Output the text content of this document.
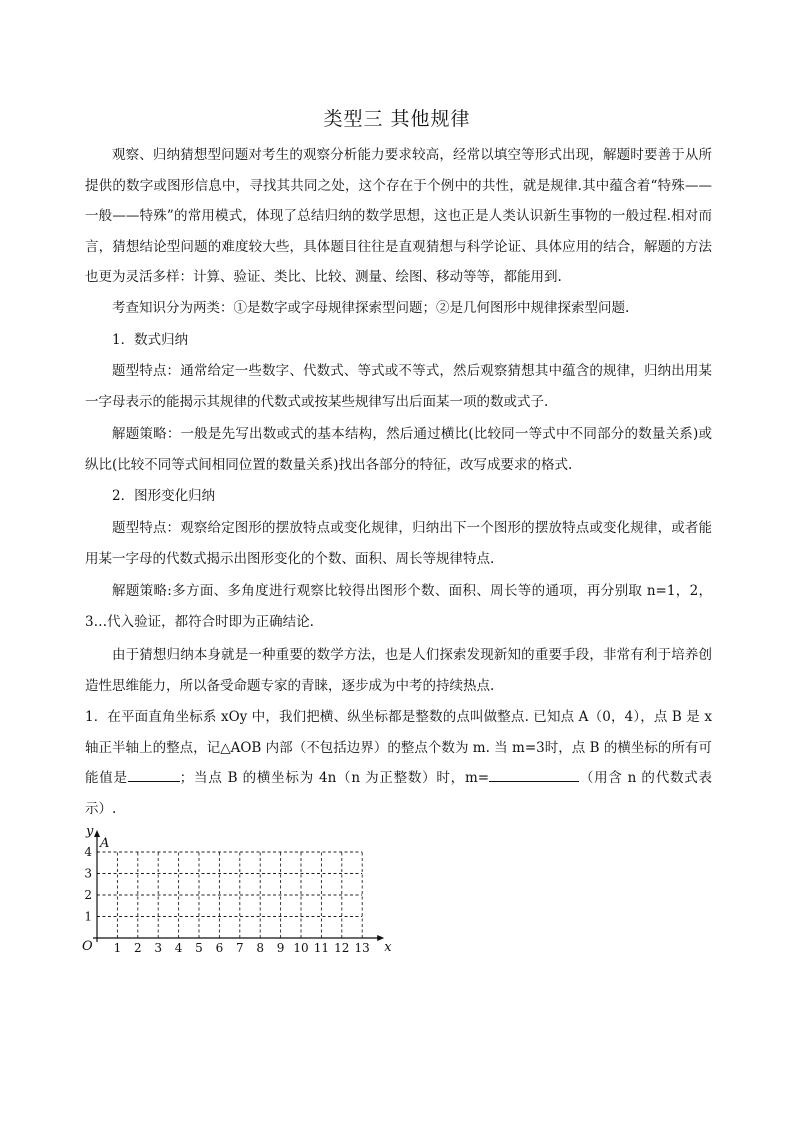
类型三 其他规律

观察、归纳猜想型问题对考生的观察分析能力要求较高，经常以填空等形式出现，解题时要善于从所提供的数字或图形信息中，寻找其共同之处，这个存在于个例中的共性，就是规律.其中蕴含着“特殊——一般——特殊”的常用模式，体现了总结归纳的数学思想，这也正是人类认识新生事物的一般过程.相对而言，猜想结论型问题的难度较大些，具体题目往往是直观猜想与科学论证、具体应用的结合，解题的方法也更为灵活多样：计算、验证、类比、比较、测量、绘图、移动等等，都能用到.

考查知识分为两类：①是数字或字母规律探索型问题；②是几何图形中规律探索型问题.

1．数式归纳

题型特点：通常给定一些数字、代数式、等式或不等式，然后观察猜想其中蕴含的规律，归纳出用某一字母表示的能揭示其规律的代数式或按某些规律写出后面某一项的数或式子.

解题策略：一般是先写出数或式的基本结构，然后通过横比(比较同一等式中不同部分的数量关系)或纵比(比较不同等式间相同位置的数量关系)找出各部分的特征，改写成要求的格式.

2．图形变化归纳

题型特点：观察给定图形的摆放特点或变化规律，归纳出下一个图形的摆放特点或变化规律，或者能用某一字母的代数式揭示出图形变化的个数、面积、周长等规律特点.

解题策略:多方面、多角度进行观察比较得出图形个数、面积、周长等的通项，再分别取 n=1，2，3…代入验证，都符合时即为正确结论.

由于猜想归纳本身就是一种重要的数学方法，也是人们探索发现新知的重要手段，非常有利于培养创造性思维能力，所以备受命题专家的青睐，逐步成为中考的持续热点.

1．在平面直角坐标系 xOy 中，我们把横、纵坐标都是整数的点叫做整点. 已知点 A（0，4），点 B 是 x 轴正半轴上的整点，记△AOB 内部（不包括边界）的整点个数为 m. 当 m=3时，点 B 的横坐标的所有可能值是	；当点 B 的横坐标为 4n（n 为正整数）时，m=	（用含 n 的代数式表示）.

1 2 3 4 5 6 7 8 9 10 11 12 13
1
2
3
4
x
y
O
A
